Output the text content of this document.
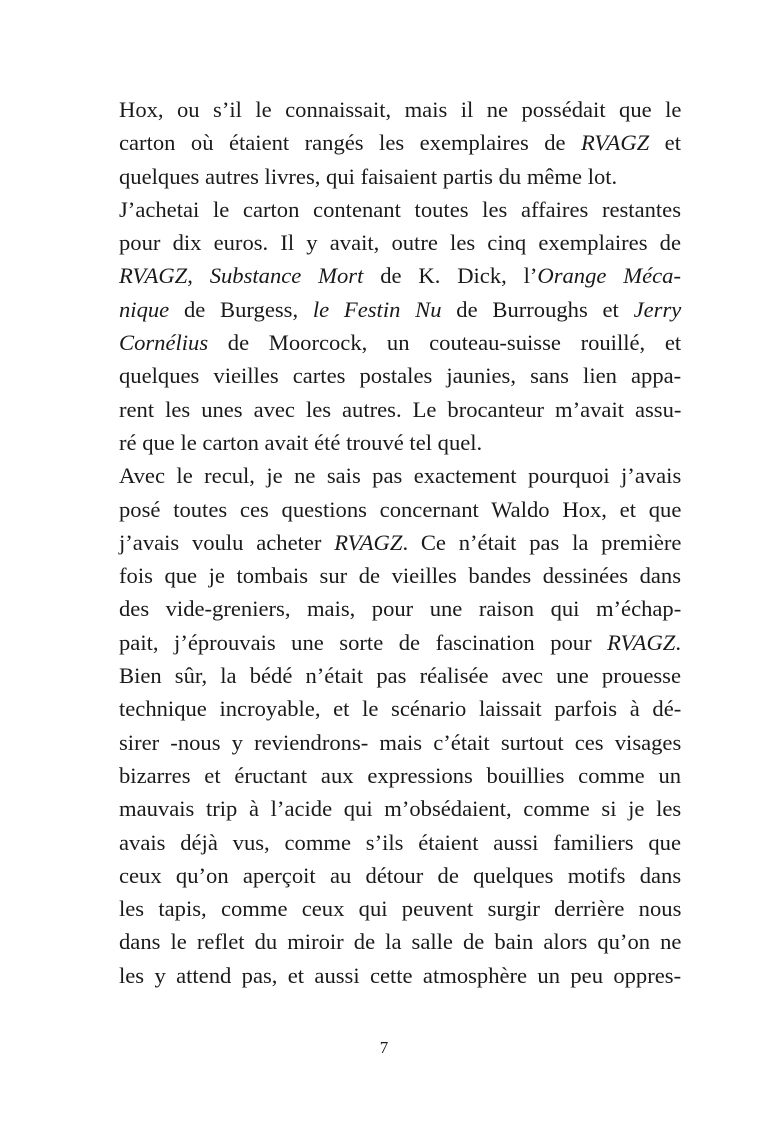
Hox, ou s’il le connaissait, mais il ne possédait que le
carton où étaient rangés les exemplaires de RVAGZ et
quelques autres livres, qui faisaient partis du même lot.
J’achetai le carton contenant toutes les affaires restantes
pour dix euros. Il y avait, outre les cinq exemplaires de
RVAGZ, Substance Mort de K. Dick, l’Orange Méca-
nique de Burgess, le Festin Nu de Burroughs et Jerry
Cornélius de Moorcock, un couteau-suisse rouillé, et
quelques vieilles cartes postales jaunies, sans lien appa-
rent les unes avec les autres. Le brocanteur m’avait assu-
ré que le carton avait été trouvé tel quel.
Avec le recul, je ne sais pas exactement pourquoi j’avais
posé toutes ces questions concernant Waldo Hox, et que
j’avais voulu acheter RVAGZ. Ce n’était pas la première
fois que je tombais sur de vieilles bandes dessinées dans
des vide-greniers, mais, pour une raison qui m’échap-
pait, j’éprouvais une sorte de fascination pour RVAGZ.
Bien sûr, la bédé n’était pas réalisée avec une prouesse
technique incroyable, et le scénario laissait parfois à dé-
sirer -nous y reviendrons- mais c’était surtout ces visages
bizarres et éructant aux expressions bouillies comme un
mauvais trip à l’acide qui m’obsédaient, comme si je les
avais déjà vus, comme s’ils étaient aussi familiers que
ceux qu’on aperçoit au détour de quelques motifs dans
les tapis, comme ceux qui peuvent surgir derrière nous
dans le reflet du miroir de la salle de bain alors qu’on ne
les y attend pas, et aussi cette atmosphère un peu oppres-
7
